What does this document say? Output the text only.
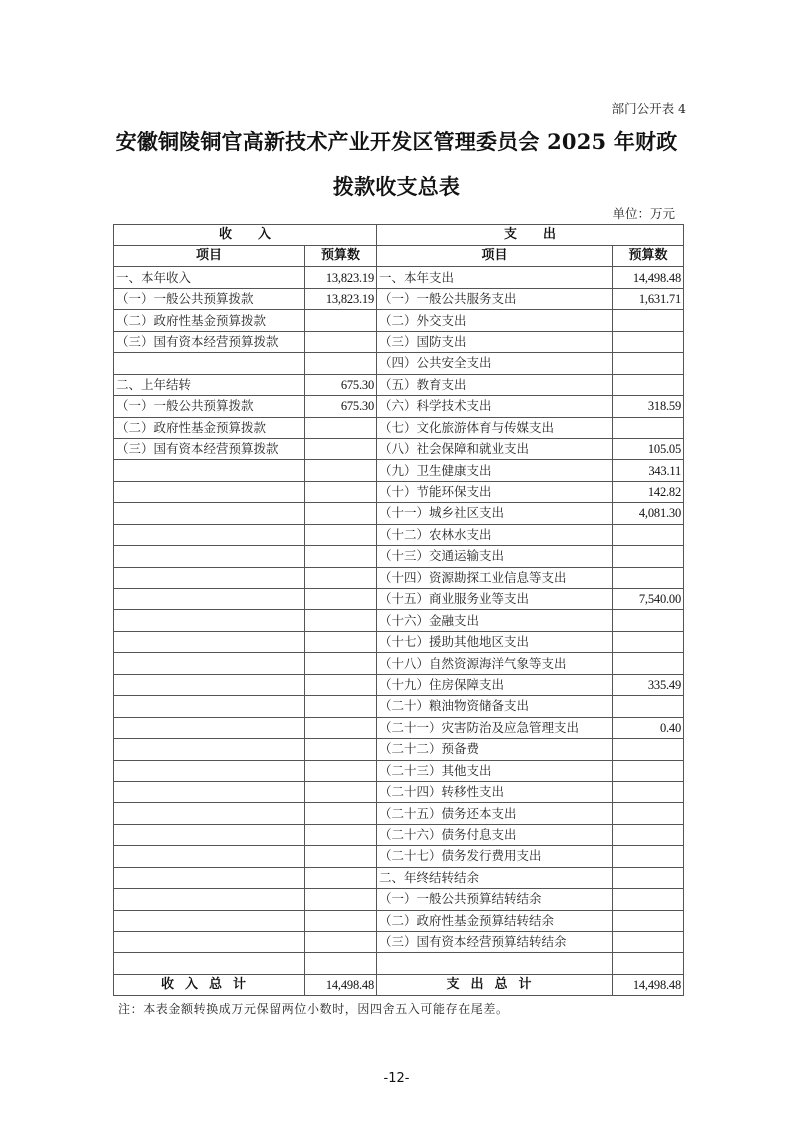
部门公开表 4
安徽铜陵铜官高新技术产业开发区管理委员会 2025 年财政
拨款收支总表
单位：万元
收　　入		支　　出	
项目	预算数	项目	预算数
一、本年收入	13,823.19	一、本年支出	14,498.48
（一）一般公共预算拨款	13,823.19	（一）一般公共服务支出	1,631.71
（二）政府性基金预算拨款		（二）外交支出	
（三）国有资本经营预算拨款		（三）国防支出	
		（四）公共安全支出	
二、上年结转	675.30	（五）教育支出	
（一）一般公共预算拨款	675.30	（六）科学技术支出	318.59
（二）政府性基金预算拨款		（七）文化旅游体育与传媒支出	
（三）国有资本经营预算拨款		（八）社会保障和就业支出	105.05
		（九）卫生健康支出	343.11
		（十）节能环保支出	142.82
		（十一）城乡社区支出	4,081.30
		（十二）农林水支出	
		（十三）交通运输支出	
		（十四）资源勘探工业信息等支出	
		（十五）商业服务业等支出	7,540.00
		（十六）金融支出	
		（十七）援助其他地区支出	
		（十八）自然资源海洋气象等支出	
		（十九）住房保障支出	335.49
		（二十）粮油物资储备支出	
		（二十一）灾害防治及应急管理支出	0.40
		（二十二）预备费	
		（二十三）其他支出	
		（二十四）转移性支出	
		（二十五）债务还本支出	
		（二十六）债务付息支出	
		（二十七）债务发行费用支出	
		二、年终结转结余	
		（一）一般公共预算结转结余	
		（二）政府性基金预算结转结余	
		（三）国有资本经营预算结转结余	

收入总计	14,498.48	支出总计	14,498.48
注：本表金额转换成万元保留两位小数时，因四舍五入可能存在尾差。
-12-
